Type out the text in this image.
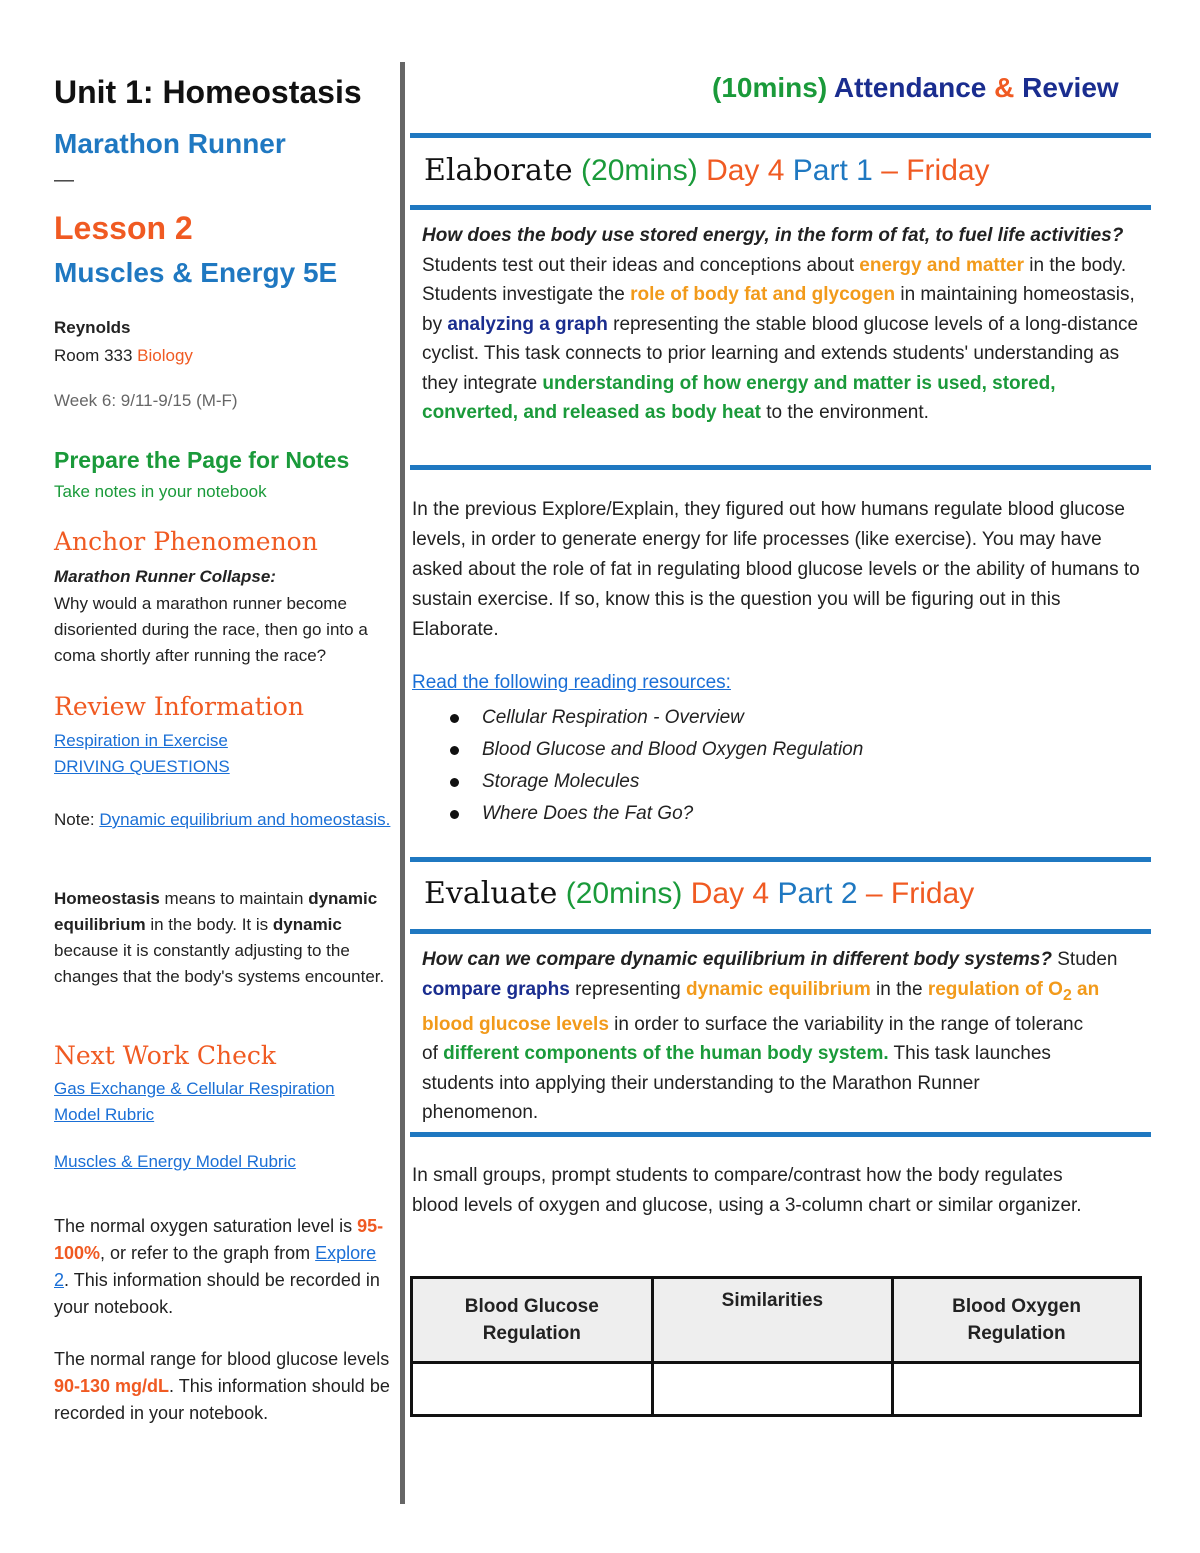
Unit 1: Homeostasis
Marathon Runner
—
Lesson 2
Muscles & Energy 5E
Reynolds
Room 333 Biology
Week 6: 9/11-9/15 (M-F)
Prepare the Page for Notes
Take notes in your notebook
Anchor Phenomenon
Marathon Runner Collapse:
Why would a marathon runner become disoriented during the race, then go into a coma shortly after running the race?
Review Information
Respiration in Exercise
DRIVING QUESTIONS
Note: Dynamic equilibrium and homeostasis.
Homeostasis means to maintain dynamic equilibrium in the body. It is dynamic because it is constantly adjusting to the changes that the body's systems encounter.
Next Work Check
Gas Exchange & Cellular Respiration Model Rubric
Muscles & Energy Model Rubric
The normal oxygen saturation level is 95-100%, or refer to the graph from Explore 2. This information should be recorded in your notebook.
The normal range for blood glucose levels 90-130 mg/dL. This information should be recorded in your notebook.
(10mins) Attendance & Review
Elaborate (20mins) Day 4 Part 1 – Friday
How does the body use stored energy, in the form of fat, to fuel life activities? Students test out their ideas and conceptions about energy and matter in the body. Students investigate the role of body fat and glycogen in maintaining homeostasis, by analyzing a graph representing the stable blood glucose levels of a long-distance cyclist. This task connects to prior learning and extends students' understanding as they integrate understanding of how energy and matter is used, stored, converted, and released as body heat to the environment.
In the previous Explore/Explain, they figured out how humans regulate blood glucose levels, in order to generate energy for life processes (like exercise). You may have asked about the role of fat in regulating blood glucose levels or the ability of humans to sustain exercise. If so, know this is the question you will be figuring out in this Elaborate.
Read the following reading resources:
Cellular Respiration - Overview
Blood Glucose and Blood Oxygen Regulation
Storage Molecules
Where Does the Fat Go?
Evaluate (20mins) Day 4 Part 2 – Friday
How can we compare dynamic equilibrium in different body systems? Studen
compare graphs representing dynamic equilibrium in the regulation of $O_2$ an
blood glucose levels in order to surface the variability in the range of toleranc
of different components of the human body system. This task launches
students into applying their understanding to the Marathon Runner
phenomenon.
In small groups, prompt students to compare/contrast how the body regulates blood levels of oxygen and glucose, using a 3-column chart or similar organizer.
Blood Glucose Regulation	Similarities	Blood Oxygen Regulation
